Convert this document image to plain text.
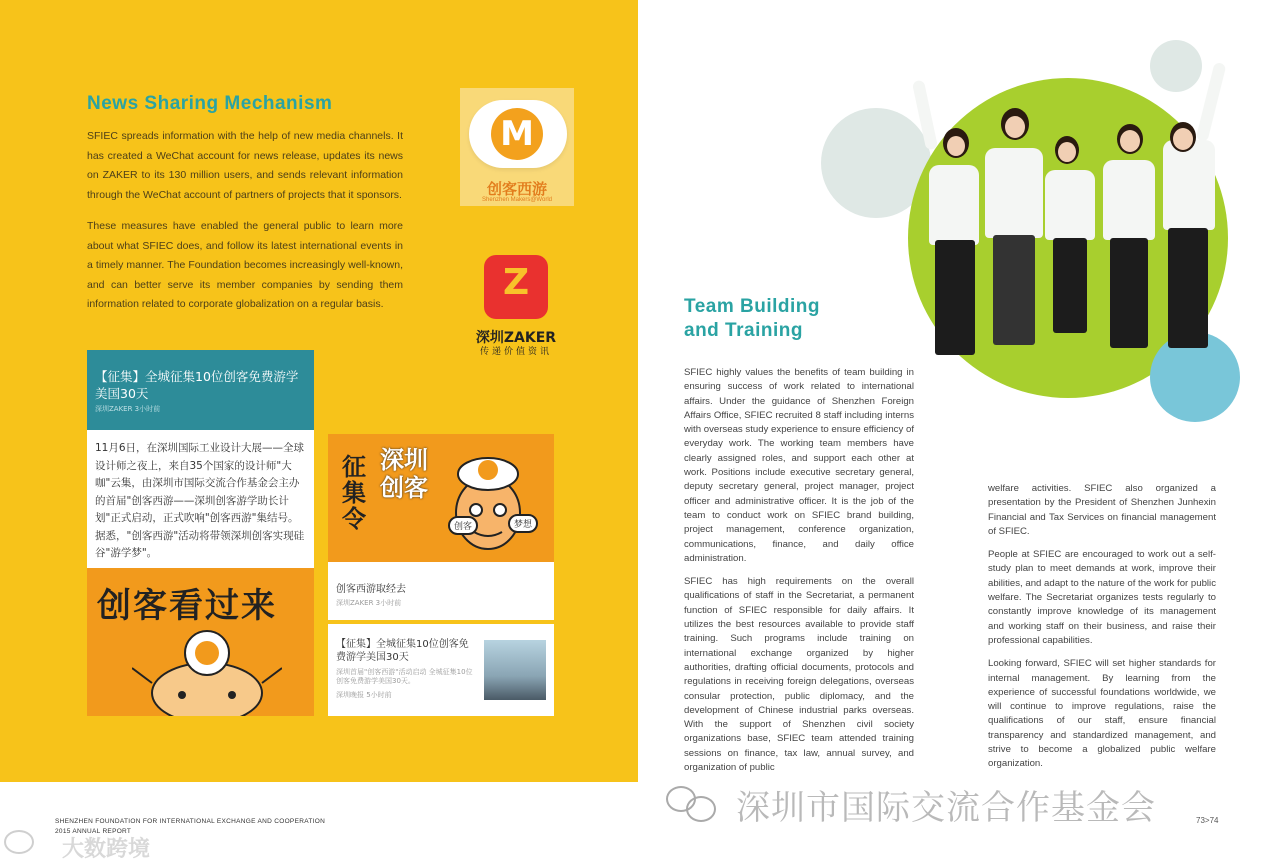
News Sharing Mechanism

SFIEC spreads information with the help of new media channels. It has created a WeChat account for news release, updates its news on ZAKER to its 130 million users, and sends relevant information through the WeChat account of partners of projects that it sponsors.

These measures have enabled the general public to learn more about what SFIEC does, and follow its latest international events in a timely manner. The Foundation becomes increasingly well-known, and can better serve its member companies by sending them information related to corporate globalization on a regular basis.

M
创客西游
Shenzhen Makers@World
Z
深圳ZAKER
传递价值资讯
【征集】全城征集10位创客免费游学美国30天
深圳ZAKER 3小时前
11月6日，在深圳国际工业设计大展——全球设计师之夜上，来自35个国家的设计师"大咖"云集，由深圳市国际交流合作基金会主办的首届"创客西游——深圳创客游学助长计划"正式启动，正式吹响"创客西游"集结号。据悉，"创客西游"活动将带领深圳创客实现硅谷"游学梦"。
创客看过来
征集令
深圳创客
创客	梦想
创客西游取经去
深圳ZAKER 3小时前
【征集】全城征集10位创客免费游学美国30天
深圳首届"创客西游"活动启动 全城征集10位创客免费游学美国30天。
深圳晚报 5小时前
SHENZHEN FOUNDATION FOR INTERNATIONAL EXCHANGE AND COOPERATION
2015 ANNUAL REPORT
大数跨境
Team Building
and Training

SFIEC highly values the benefits of team building in ensuring success of work related to international affairs. Under the guidance of Shenzhen Foreign Affairs Office, SFIEC recruited 8 staff including interns with overseas study experience to ensure efficiency of everyday work. The working team members have clearly assigned roles, and support each other at work. Positions include executive secretary general, deputy secretary general, project manager, project officer and administrative officer. It is the job of the team to conduct work on SFIEC brand building, project management, conference organization, communications, finance, and daily office administration.

SFIEC has high requirements on the overall qualifications of staff in the Secretariat, a permanent function of SFIEC responsible for daily affairs. It utilizes the best resources available to provide staff training. Such programs include training on international exchange organized by higher authorities, drafting official documents, protocols and regulations in receiving foreign delegations, overseas consular protection, public diplomacy, and the development of Chinese industrial parks overseas. With the support of Shenzhen civil society organizations base, SFIEC team attended training sessions on finance, tax law, annual survey, and organization of public

welfare activities. SFIEC also organized a presentation by the President of Shenzhen Junhexin Financial and Tax Services on financial management of SFIEC.

People at SFIEC are encouraged to work out a self-study plan to meet demands at work, improve their abilities, and adapt to the nature of the work for public welfare. The Secretariat organizes tests regularly to constantly improve knowledge of its management and working staff on their business, and raise their professional capabilities.

Looking forward, SFIEC will set higher standards for internal management. By learning from the experience of successful foundations worldwide, we will continue to improve regulations, raise the qualifications of our staff, ensure financial transparency and standardized management, and strive to become a globalized public welfare organization.

深圳市国际交流合作基金会	73>74
